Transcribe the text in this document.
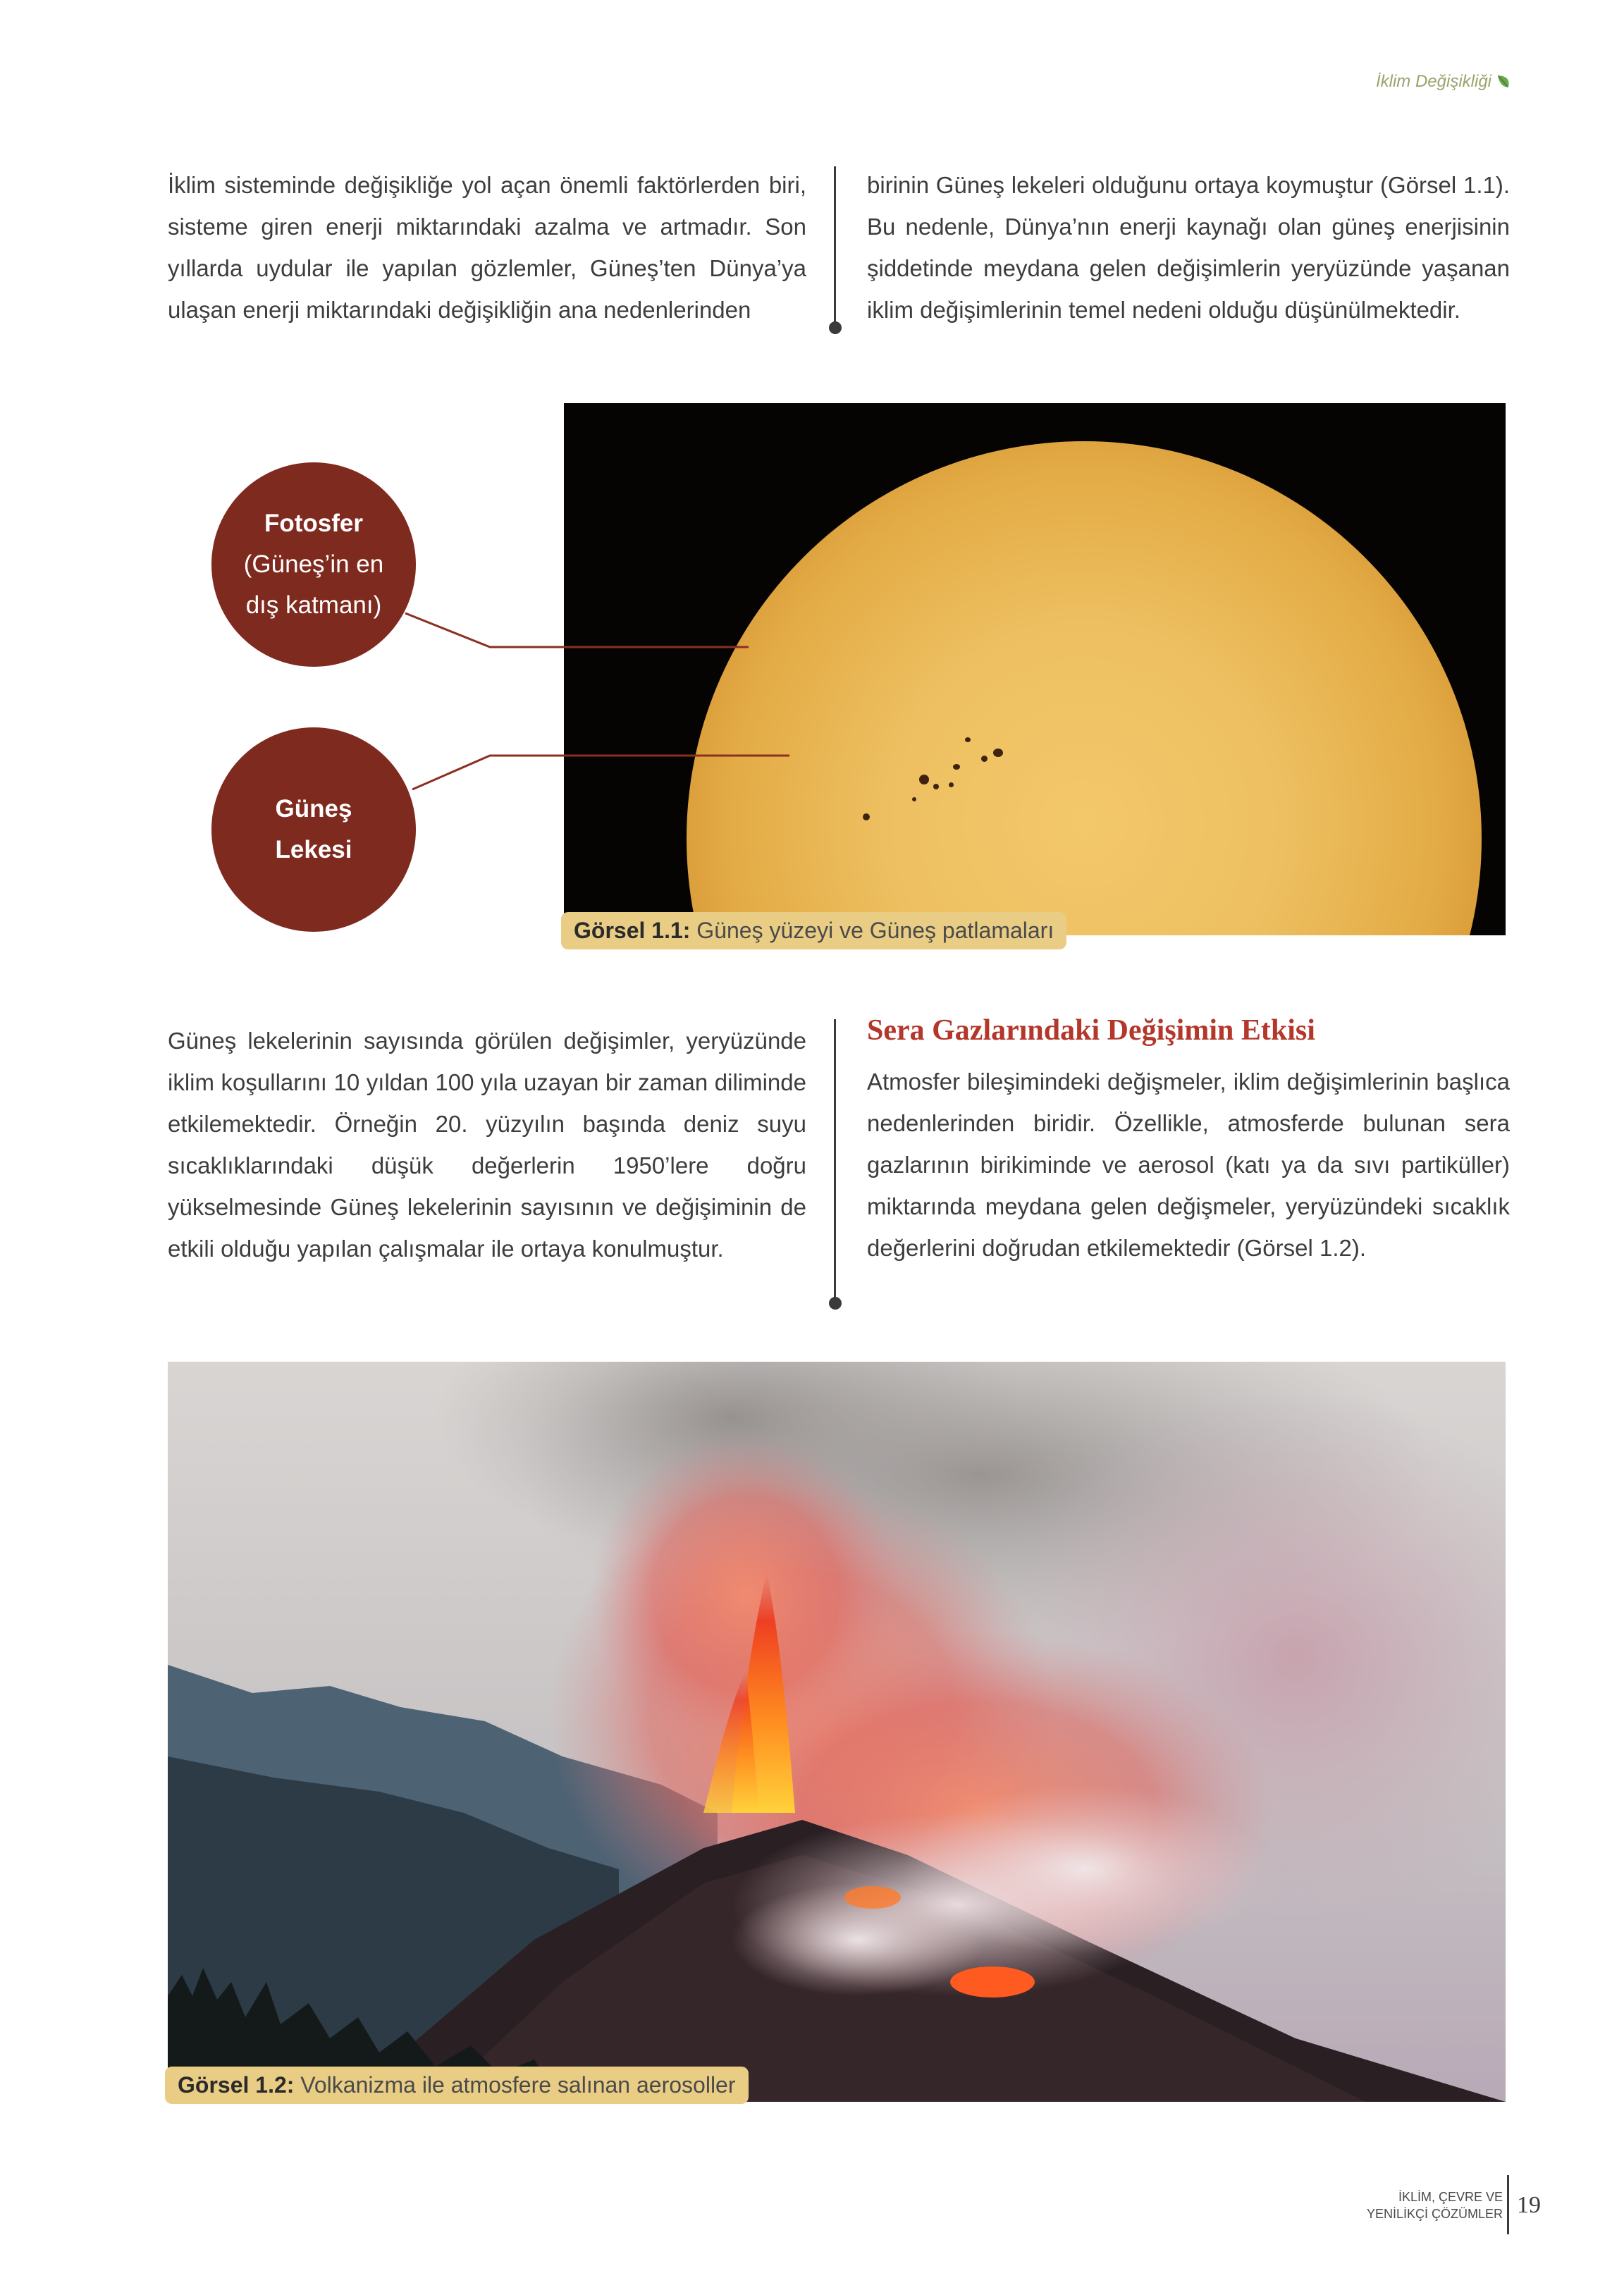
İklim Değişikliği

İklim sisteminde değişikliğe yol açan önemli faktörlerden biri, sisteme giren enerji miktarındaki azalma ve artmadır. Son yıllarda uydular ile yapılan gözlemler, Güneş’ten Dünya’ya ulaşan enerji miktarındaki değişikliğin ana nedenlerinden

birinin Güneş lekeleri olduğunu ortaya koymuştur (Görsel 1.1). Bu nedenle, Dünya’nın enerji kaynağı olan güneş enerjisinin şiddetinde meydana gelen değişimlerin yeryüzünde yaşanan iklim değişimlerinin temel nedeni olduğu düşünülmektedir.

Fotosfer
(Güneş’in en
dış katmanı)
Güneş
Lekesi
Görsel 1.1: Güneş yüzeyi ve Güneş patlamaları

Güneş lekelerinin sayısında görülen değişimler, yeryüzünde iklim koşullarını 10 yıldan 100 yıla uzayan bir zaman diliminde etkilemektedir. Örneğin 20. yüzyılın başında deniz suyu sıcaklıklarındaki düşük değerlerin 1950’lere doğru yükselmesinde Güneş lekelerinin sayısının ve değişiminin de etkili olduğu yapılan çalışmalar ile ortaya konulmuştur.

Sera Gazlarındaki Değişimin Etkisi

Atmosfer bileşimindeki değişmeler, iklim değişimlerinin başlıca nedenlerinden biridir. Özellikle, atmosferde bulunan sera gazlarının birikiminde ve aerosol (katı ya da sıvı partiküller) miktarında meydana gelen değişmeler, yeryüzündeki sıcaklık değerlerini doğrudan etkilemektedir (Görsel 1.2).

Görsel 1.2: Volkanizma ile atmosfere salınan aerosoller
İKLİM, ÇEVRE VE
YENİLİKÇİ ÇÖZÜMLER 19
